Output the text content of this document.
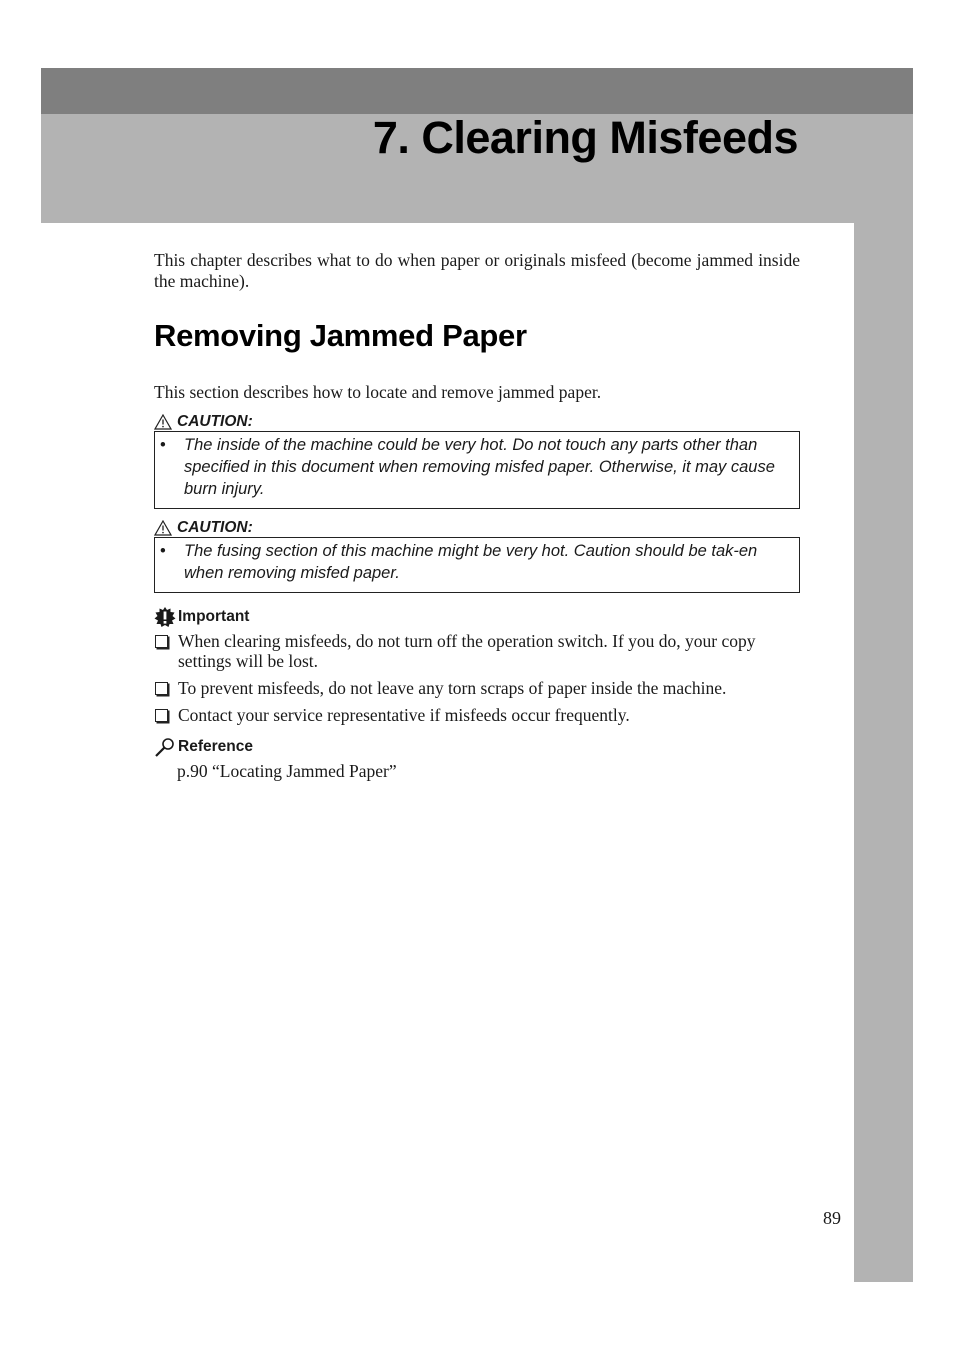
7. Clearing Misfeeds

This chapter describes what to do when paper or originals misfeed (become jammed inside the machine).

Removing Jammed Paper

This section describes how to locate and remove jammed paper.

CAUTION:
•	The inside of the machine could be very hot. Do not touch any parts other than specified in this document when removing misfed paper. Otherwise, it may cause burn injury.
CAUTION:
•	The fusing section of this machine might be very hot. Caution should be tak-en when removing misfed paper.
Important
When clearing misfeeds, do not turn off the operation switch. If you do, your copy settings will be lost.
To prevent misfeeds, do not leave any torn scraps of paper inside the machine.
Contact your service representative if misfeeds occur frequently.
Reference

p.90 “Locating Jammed Paper”

89
